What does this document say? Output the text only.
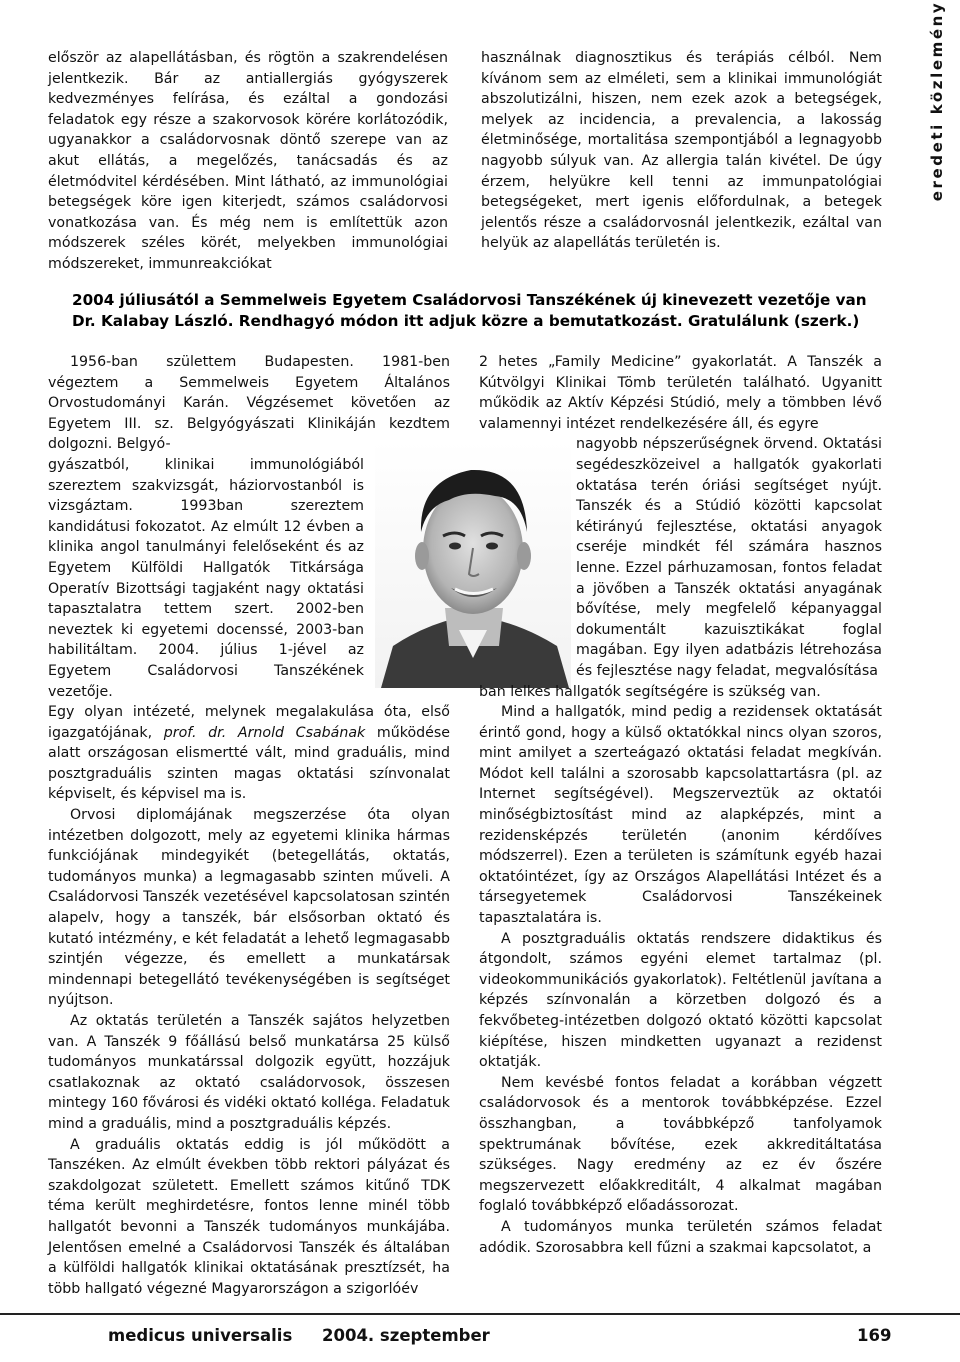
eredeti közlemény

először az alapellátásban, és rögtön a szakrendelésen jelentkezik. Bár az antiallergiás gyógyszerek kedvezményes felírása, és ezáltal a gondozási feladatok egy része a szakorvosok körére korlátozódik, ugyanakkor a családorvosnak döntő szerepe van az akut ellátás, a megelőzés, tanácsadás és az életmódvitel kérdésében. Mint látható, az immunológiai betegségek köre igen kiterjedt, számos családorvosi vonatkozása van. És még nem is említettük azon módszerek széles körét, melyekben immunológiai módszereket, immunreakciókat

használnak diagnosztikus és terápiás célból. Nem kívánom sem az elméleti, sem a klinikai immunológiát abszolutizálni, hiszen, nem ezek azok a betegségek, melyek az incidencia, a prevalencia, a lakosság életminősége, mortalitása szempontjából a legnagyobb nagyobb súlyuk van. Az allergia talán kivétel. De úgy érzem, helyükre kell tenni az immunpatológiai betegségeket, mert igenis előfordulnak, a betegek jelentős része a családorvosnál jelentkezik, ezáltal van helyük az alapellátás területén is.

2004 júliusától a Semmelweis Egyetem Családorvosi Tanszékének új kinevezett vezetője van Dr. Kalabay László. Rendhagyó módon itt adjuk közre a bemutatkozást. Gratulálunk (szerk.)

1956-ban születtem Budapesten. 1981-ben végeztem a Semmelweis Egyetem Általános Orvostudományi Karán. Végzésemet követően az Egyetem III. sz. Belgyógyászati Klinikáján kezdtem dolgozni. Belgyó-

gyászatból, klinikai immunológiából szereztem szakvizsgát, háziorvostanból is vizsgáztam. 1993ban szereztem kandidátusi fokozatot. Az elmúlt 12 évben a klinika angol tanulmányi felelőseként és az Egyetem Külföldi Hallgatók Titkársága Operatív Bizottsági tagjaként nagy oktatási tapasztalatra tettem szert. 2002-ben neveztek ki egyetemi docenssé, 2003-ban habilitáltam. 2004. július 1-jével az Egyetem Családorvosi Tanszékének vezetője.

Egy olyan intézeté, melynek megalakulása óta, első igazgatójának, prof. dr. Arnold Csabának működése alatt országosan elismertté vált, mind graduális, mind posztgraduális szinten magas oktatási színvonalat képviselt, és képvisel ma is.

Orvosi diplomájának megszerzése óta olyan intézetben dolgozott, mely az egyetemi klinika hármas funkciójának mindegyikét (betegellátás, oktatás, tudományos munka) a legmagasabb szinten műveli. A Családorvosi Tanszék vezetésével kapcsolatosan szintén alapelv, hogy a tanszék, bár elsősorban oktató és kutató intézmény, e két feladatát a lehető legmagasabb szintjén végezze, és emellett a munkatársak mindennapi betegellátó tevékenységében is segítséget nyújtson.

Az oktatás területén a Tanszék sajátos helyzetben van. A Tanszék 9 főállású belső munkatársa 25 külső tudományos munkatárssal dolgozik együtt, hozzájuk csatlakoznak az oktató családorvosok, összesen mintegy 160 fővárosi és vidéki oktató kolléga. Feladatuk mind a graduális, mind a posztgraduális képzés.

A graduális oktatás eddig is jól működött a Tanszéken. Az elmúlt években több rektori pályázat és szakdolgozat született. Emellett számos kitűnő TDK téma került meghirdetésre, fontos lenne minél több hallgatót bevonni a Tanszék tudományos munkájába. Jelentősen emelné a Családorvosi Tanszék és általában a külföldi hallgatók klinikai oktatásának presztízsét, ha több hallgató végezné Magyarországon a szigorlóév

2 hetes „Family Medicine” gyakorlatát. A Tanszék a Kútvölgyi Klinikai Tömb területén található. Ugyanitt működik az Aktív Képzési Stúdió, mely a tömbben lévő valamennyi intézet rendelkezésére áll, és egyre

nagyobb népszerűségnek örvend. Oktatási segédeszközeivel a hallgatók gyakorlati oktatása terén óriási segítséget nyújt. Tanszék és a Stúdió közötti kapcsolat kétirányú fejlesztése, oktatási anyagok cseréje mindkét fél számára hasznos lenne. Ezzel párhuzamosan, fontos feladat a jövőben a Tanszék oktatási anyagának bővítése, mely megfelelő képanyaggal dokumentált kazuisztikákat foglal magában. Egy ilyen adatbázis létrehozása és fejlesztése nagy feladat, megvalósítása

ban lelkes hallgatók segítségére is szükség van.

Mind a hallgatók, mind pedig a rezidensek oktatását érintő gond, hogy a külső oktatókkal nincs olyan szoros, mint amilyet a szerteágazó oktatási feladat megkíván. Módot kell találni a szorosabb kapcsolattartásra (pl. az Internet segítségével). Megszerveztük az oktatói minőségbiztosítást mind az alapképzés, mint a rezidensképzés területén (anonim kérdőíves módszerrel). Ezen a területen is számítunk egyéb hazai oktatóintézet, így az Országos Alapellátási Intézet és a társegyetemek Családorvosi Tanszékeinek tapasztalatára is.

A posztgraduális oktatás rendszere didaktikus és átgondolt, számos egyéni elemet tartalmaz (pl. videokommunikációs gyakorlatok). Feltétlenül javítana a képzés színvonalán a körzetben dolgozó és a fekvőbeteg-intézetben dolgozó oktató közötti kapcsolat kiépítése, hiszen mindketten ugyanazt a rezidenst oktatják.

Nem kevésbé fontos feladat a korábban végzett családorvosok és a mentorok továbbképzése. Ezzel összhangban, a továbbképző tanfolyamok spektrumának bővítése, ezek akkreditáltatása szükséges. Nagy eredmény az ez év őszére megszervezett előakkreditált, 4 alkalmat magában foglaló továbbképző előadássorozat.

A tudományos munka területén számos feladat adódik. Szorosabbra kell fűzni a szakmai kapcsolatot, a

medicus universalis 2004. szeptember	169
